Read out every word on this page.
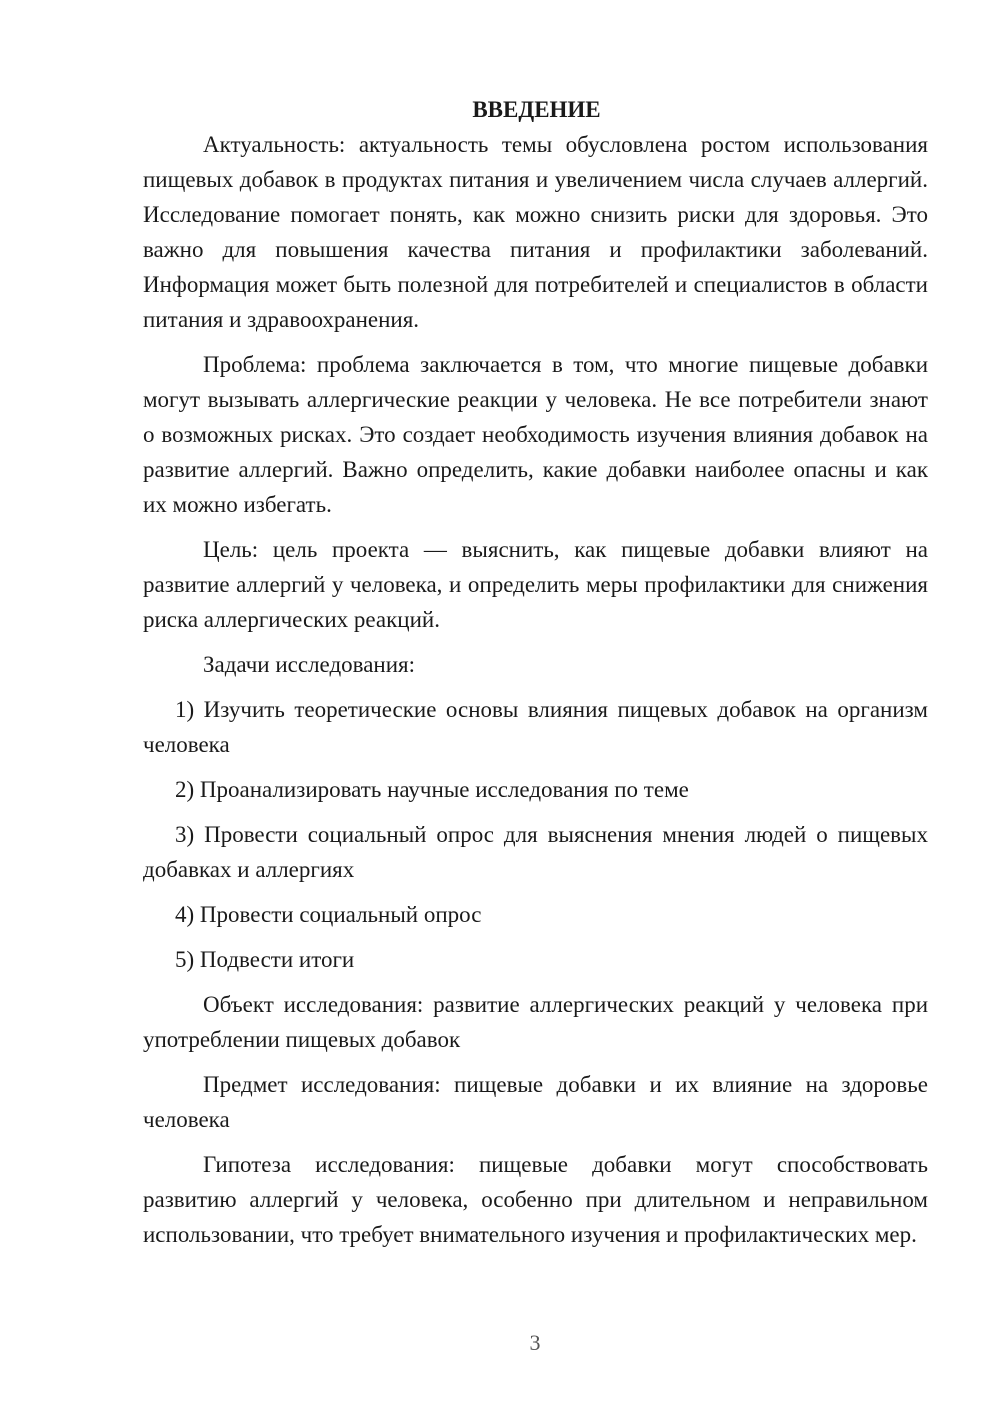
ВВЕДЕНИЕ

Актуальность: актуальность темы обусловлена ростом использования пищевых добавок в продуктах питания и увеличением числа случаев аллергий. Исследование помогает понять, как можно снизить риски для здоровья. Это важно для повышения качества питания и профилактики заболеваний. Информация может быть полезной для потребителей и специалистов в области питания и здравоохранения.

Проблема: проблема заключается в том, что многие пищевые добавки могут вызывать аллергические реакции у человека. Не все потребители знают о возможных рисках. Это создает необходимость изучения влияния добавок на развитие аллергий. Важно определить, какие добавки наиболее опасны и как их можно избегать.

Цель: цель проекта — выяснить, как пищевые добавки влияют на развитие аллергий у человека, и определить меры профилактики для снижения риска аллергических реакций.

Задачи исследования:

1) Изучить теоретические основы влияния пищевых добавок на организм человека

2) Проанализировать научные исследования по теме

3) Провести социальный опрос для выяснения мнения людей о пищевых добавках и аллергиях

4) Провести социальный опрос

5) Подвести итоги

Объект исследования: развитие аллергических реакций у человека при употреблении пищевых добавок

Предмет исследования: пищевые добавки и их влияние на здоровье человека

Гипотеза исследования: пищевые добавки могут способствовать развитию аллергий у человека, особенно при длительном и неправильном использовании, что требует внимательного изучения и профилактических мер.

3
